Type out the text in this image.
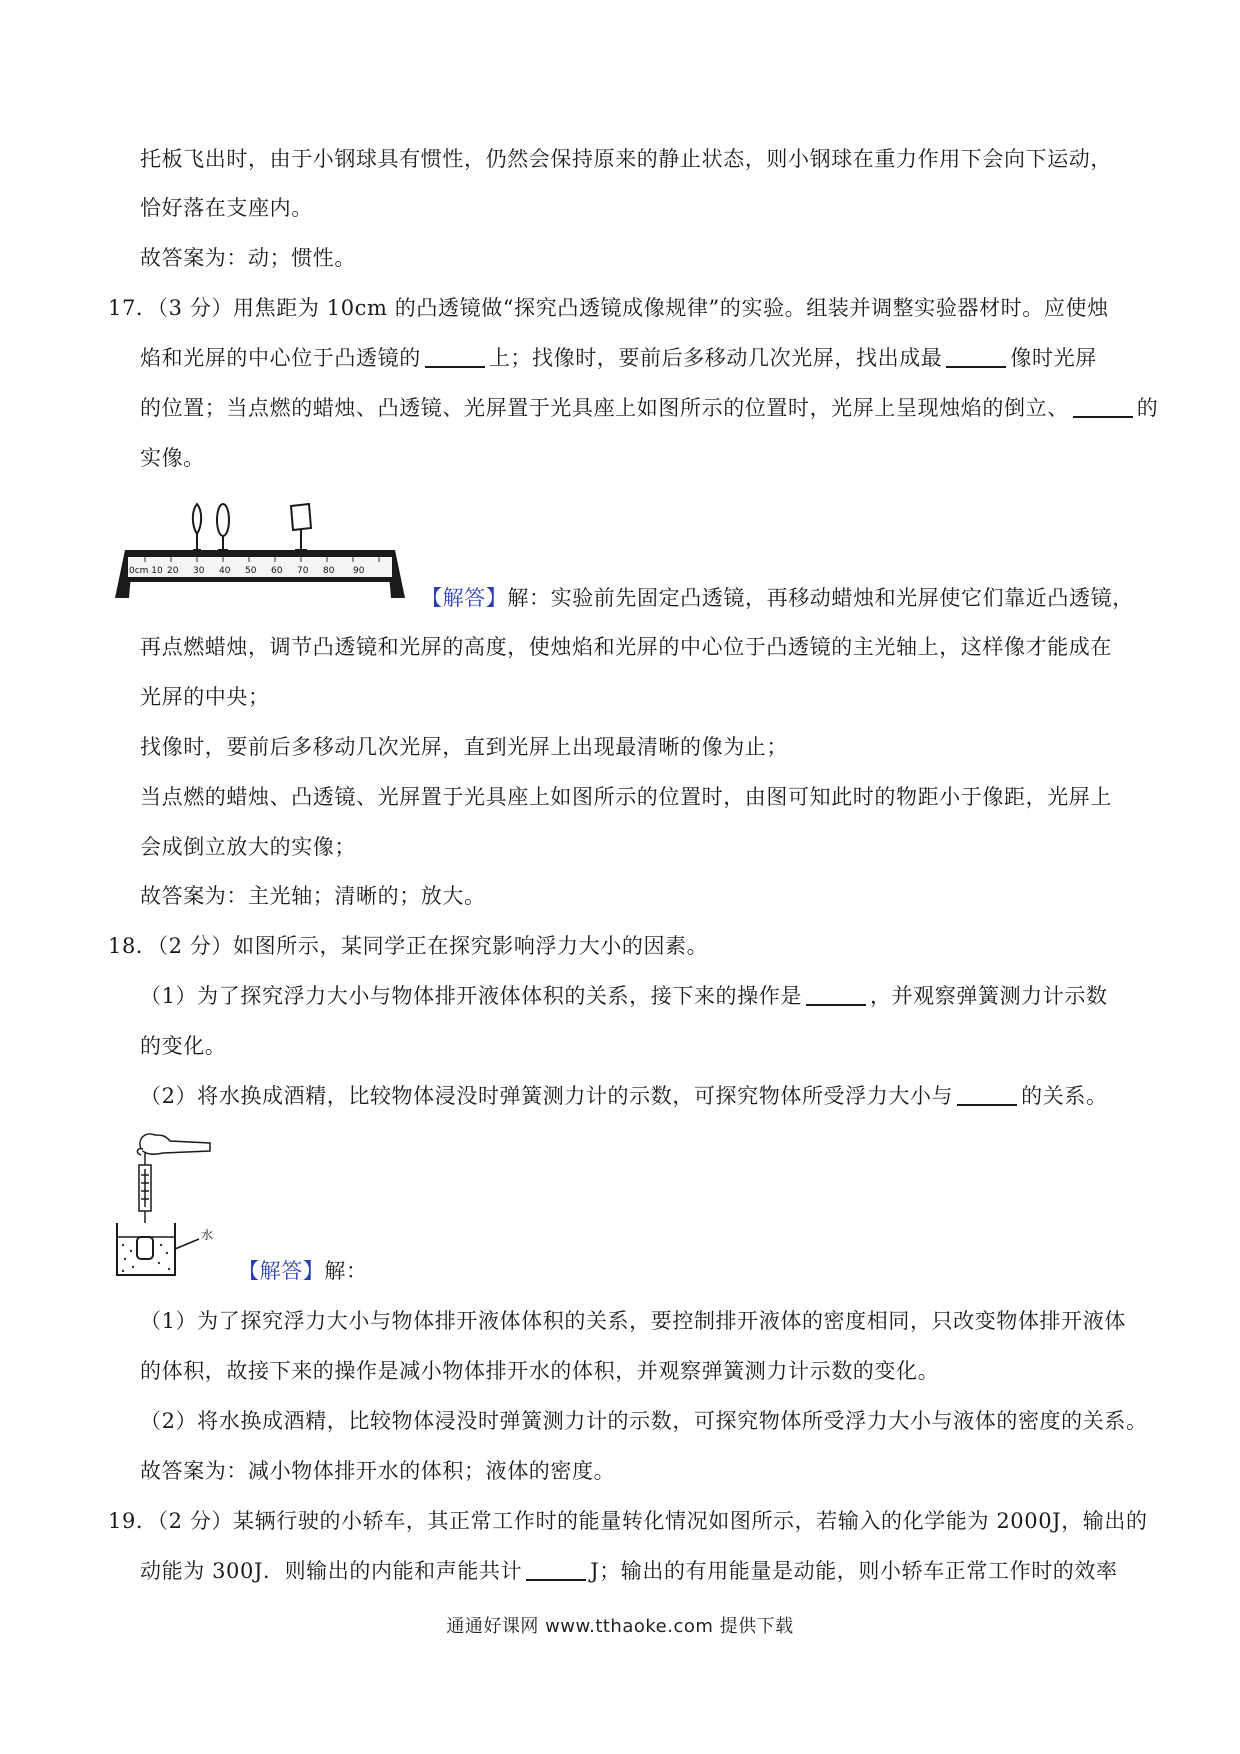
托板飞出时，由于小钢球具有惯性，仍然会保持原来的静止状态，则小钢球在重力作用下会向下运动，
恰好落在支座内。
故答案为：动；惯性。
17．（3 分）用焦距为 10cm 的凸透镜做“探究凸透镜成像规律”的实验。组装并调整实验器材时。应使烛
焰和光屏的中心位于凸透镜的	上；找像时，要前后多移动几次光屏，找出成最	像时光屏
的位置；当点燃的蜡烛、凸透镜、光屏置于光具座上如图所示的位置时，光屏上呈现烛焰的倒立、	的
实像。
0cm 10 20 30 40 50 60 70 80 90
【解答】解：实验前先固定凸透镜，再移动蜡烛和光屏使它们靠近凸透镜，
再点燃蜡烛，调节凸透镜和光屏的高度，使烛焰和光屏的中心位于凸透镜的主光轴上，这样像才能成在
光屏的中央；
找像时，要前后多移动几次光屏，直到光屏上出现最清晰的像为止；
当点燃的蜡烛、凸透镜、光屏置于光具座上如图所示的位置时，由图可知此时的物距小于像距，光屏上
会成倒立放大的实像；
故答案为：主光轴；清晰的；放大。
18．（2 分）如图所示，某同学正在探究影响浮力大小的因素。
（1）为了探究浮力大小与物体排开液体体积的关系，接下来的操作是	，并观察弹簧测力计示数
的变化。
（2）将水换成酒精，比较物体浸没时弹簧测力计的示数，可探究物体所受浮力大小与	的关系。
水
【解答】解：
（1）为了探究浮力大小与物体排开液体体积的关系，要控制排开液体的密度相同，只改变物体排开液体
的体积，故接下来的操作是减小物体排开水的体积，并观察弹簧测力计示数的变化。
（2）将水换成酒精，比较物体浸没时弹簧测力计的示数，可探究物体所受浮力大小与液体的密度的关系。
故答案为：减小物体排开水的体积；液体的密度。
19．（2 分）某辆行驶的小轿车，其正常工作时的能量转化情况如图所示，若输入的化学能为 2000J，输出的
动能为 300J．则输出的内能和声能共计	J；输出的有用能量是动能，则小轿车正常工作时的效率
通通好课网 www.tthaoke.com 提供下载
